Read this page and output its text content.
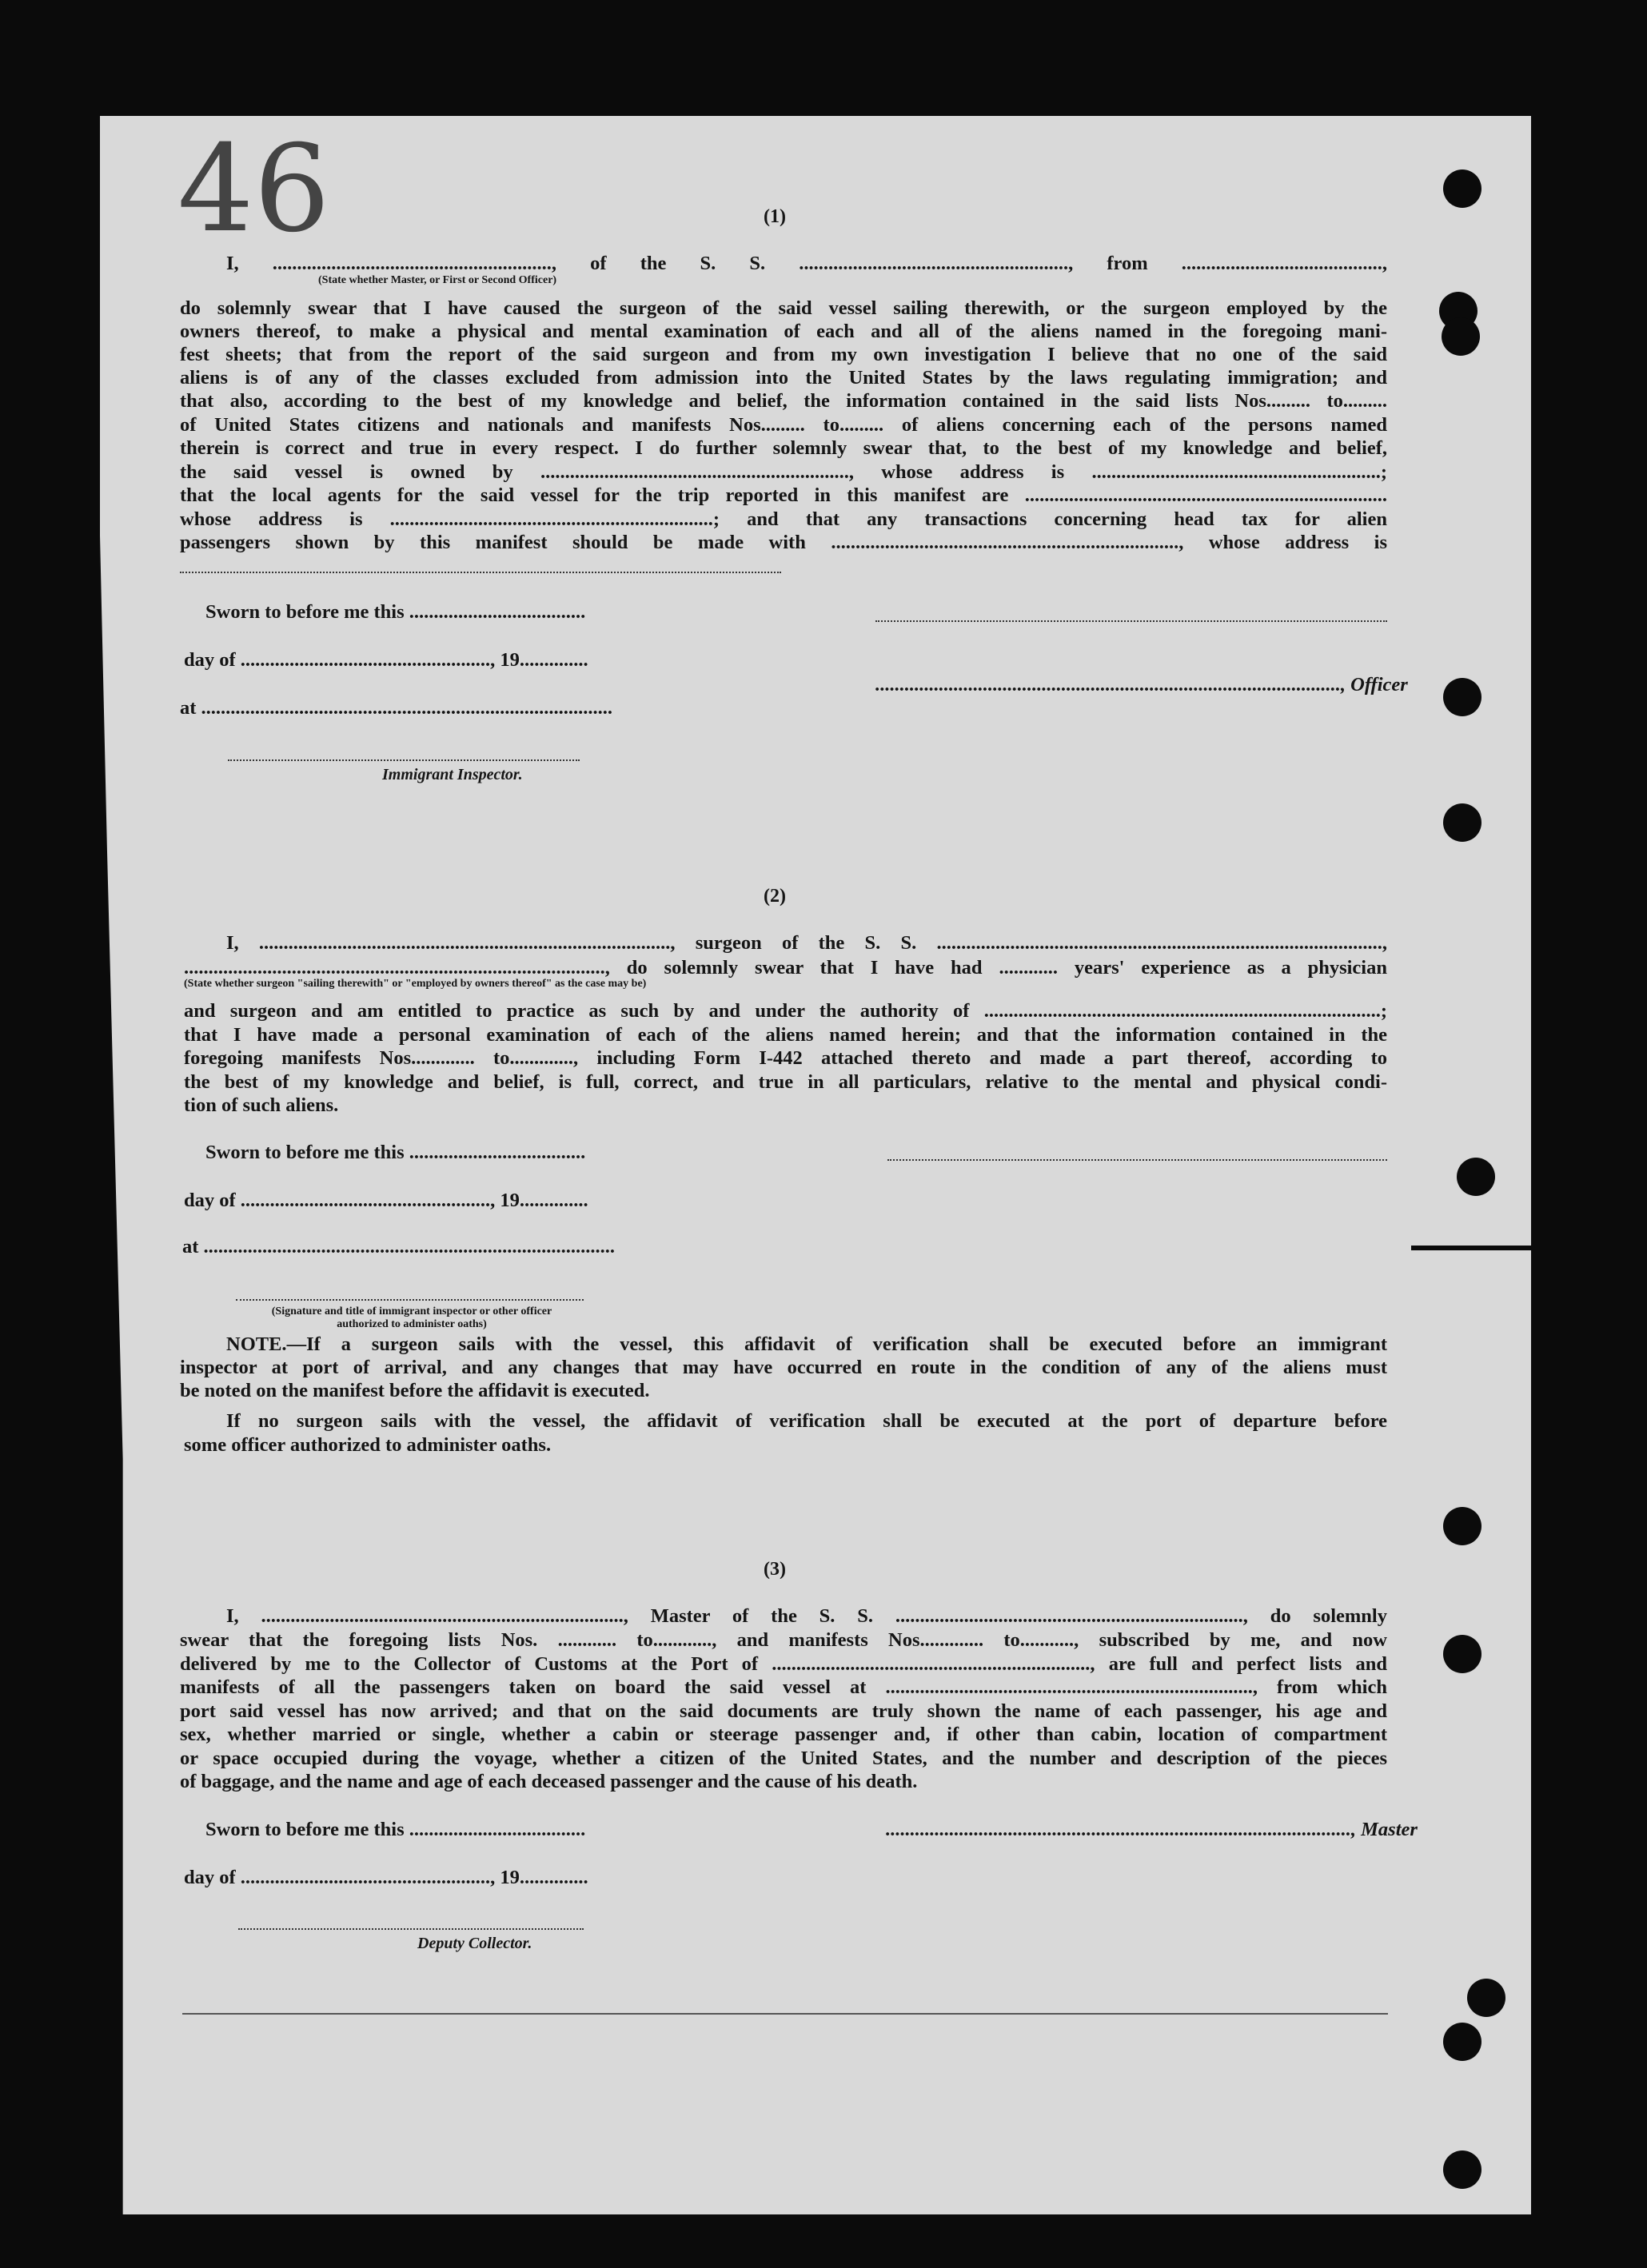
46	(1)
I, ........................................................., of the S. S. ......................................................., from .........................................,
(State whether Master, or First or Second Officer)
do solemnly swear that I have caused the surgeon of the said vessel sailing therewith, or the surgeon employed by the
owners thereof, to make a physical and mental examination of each and all of the aliens named in the foregoing mani-
fest sheets; that from the report of the said surgeon and from my own investigation I believe that no one of the said
aliens is of any of the classes excluded from admission into the United States by the laws regulating immigration; and
that also, according to the best of my knowledge and belief, the information contained in the said lists Nos......... to.........
of United States citizens and nationals and manifests Nos......... to......... of aliens concerning each of the persons named
therein is correct and true in every respect. I do further solemnly swear that, to the best of my knowledge and belief,
the said vessel is owned by ..............................................................., whose address is ...........................................................;
that the local agents for the said vessel for the trip reported in this manifest are ..........................................................................
whose address is ..................................................................; and that any transactions concerning head tax for alien
passengers shown by this manifest should be made with ......................................................................., whose address is
Sworn to before me this ....................................
day of ..................................................., 19..............
..............................................................................................., Officer
at ....................................................................................
Immigrant Inspector.
(2)
I, ...................................................................................., surgeon of the S. S. ...........................................................................................,
......................................................................................, do solemnly swear that I have had ............ years' experience as a physician
(State whether surgeon "sailing therewith" or "employed by owners thereof" as the case may be)
and surgeon and am entitled to practice as such by and under the authority of .................................................................................;
that I have made a personal examination of each of the aliens named herein; and that the information contained in the
foregoing manifests Nos............. to............., including Form I-442 attached thereto and made a part thereof, according to
the best of my knowledge and belief, is full, correct, and true in all particulars, relative to the mental and physical condi-
tion of such aliens.
Sworn to before me this ....................................
day of ..................................................., 19..............
at ....................................................................................
(Signature and title of immigrant inspector or other officer authorized to administer oaths)
NOTE.—If a surgeon sails with the vessel, this affidavit of verification shall be executed before an immigrant
inspector at port of arrival, and any changes that may have occurred en route in the condition of any of the aliens must
be noted on the manifest before the affidavit is executed.
If no surgeon sails with the vessel, the affidavit of verification shall be executed at the port of departure before
some officer authorized to administer oaths.
(3)
I, .........................................................................., Master of the S. S. ......................................................................., do solemnly
swear that the foregoing lists Nos. ............ to............, and manifests Nos............. to..........., subscribed by me, and now
delivered by me to the Collector of Customs at the Port of ................................................................., are full and perfect lists and
manifests of all the passengers taken on board the said vessel at ..........................................................................., from which
port said vessel has now arrived; and that on the said documents are truly shown the name of each passenger, his age and
sex, whether married or single, whether a cabin or steerage passenger and, if other than cabin, location of compartment
or space occupied during the voyage, whether a citizen of the United States, and the number and description of the pieces
of baggage, and the name and age of each deceased passenger and the cause of his death.
Sworn to before me this ....................................	..............................................................................................., Master
day of ..................................................., 19..............
Deputy Collector.
